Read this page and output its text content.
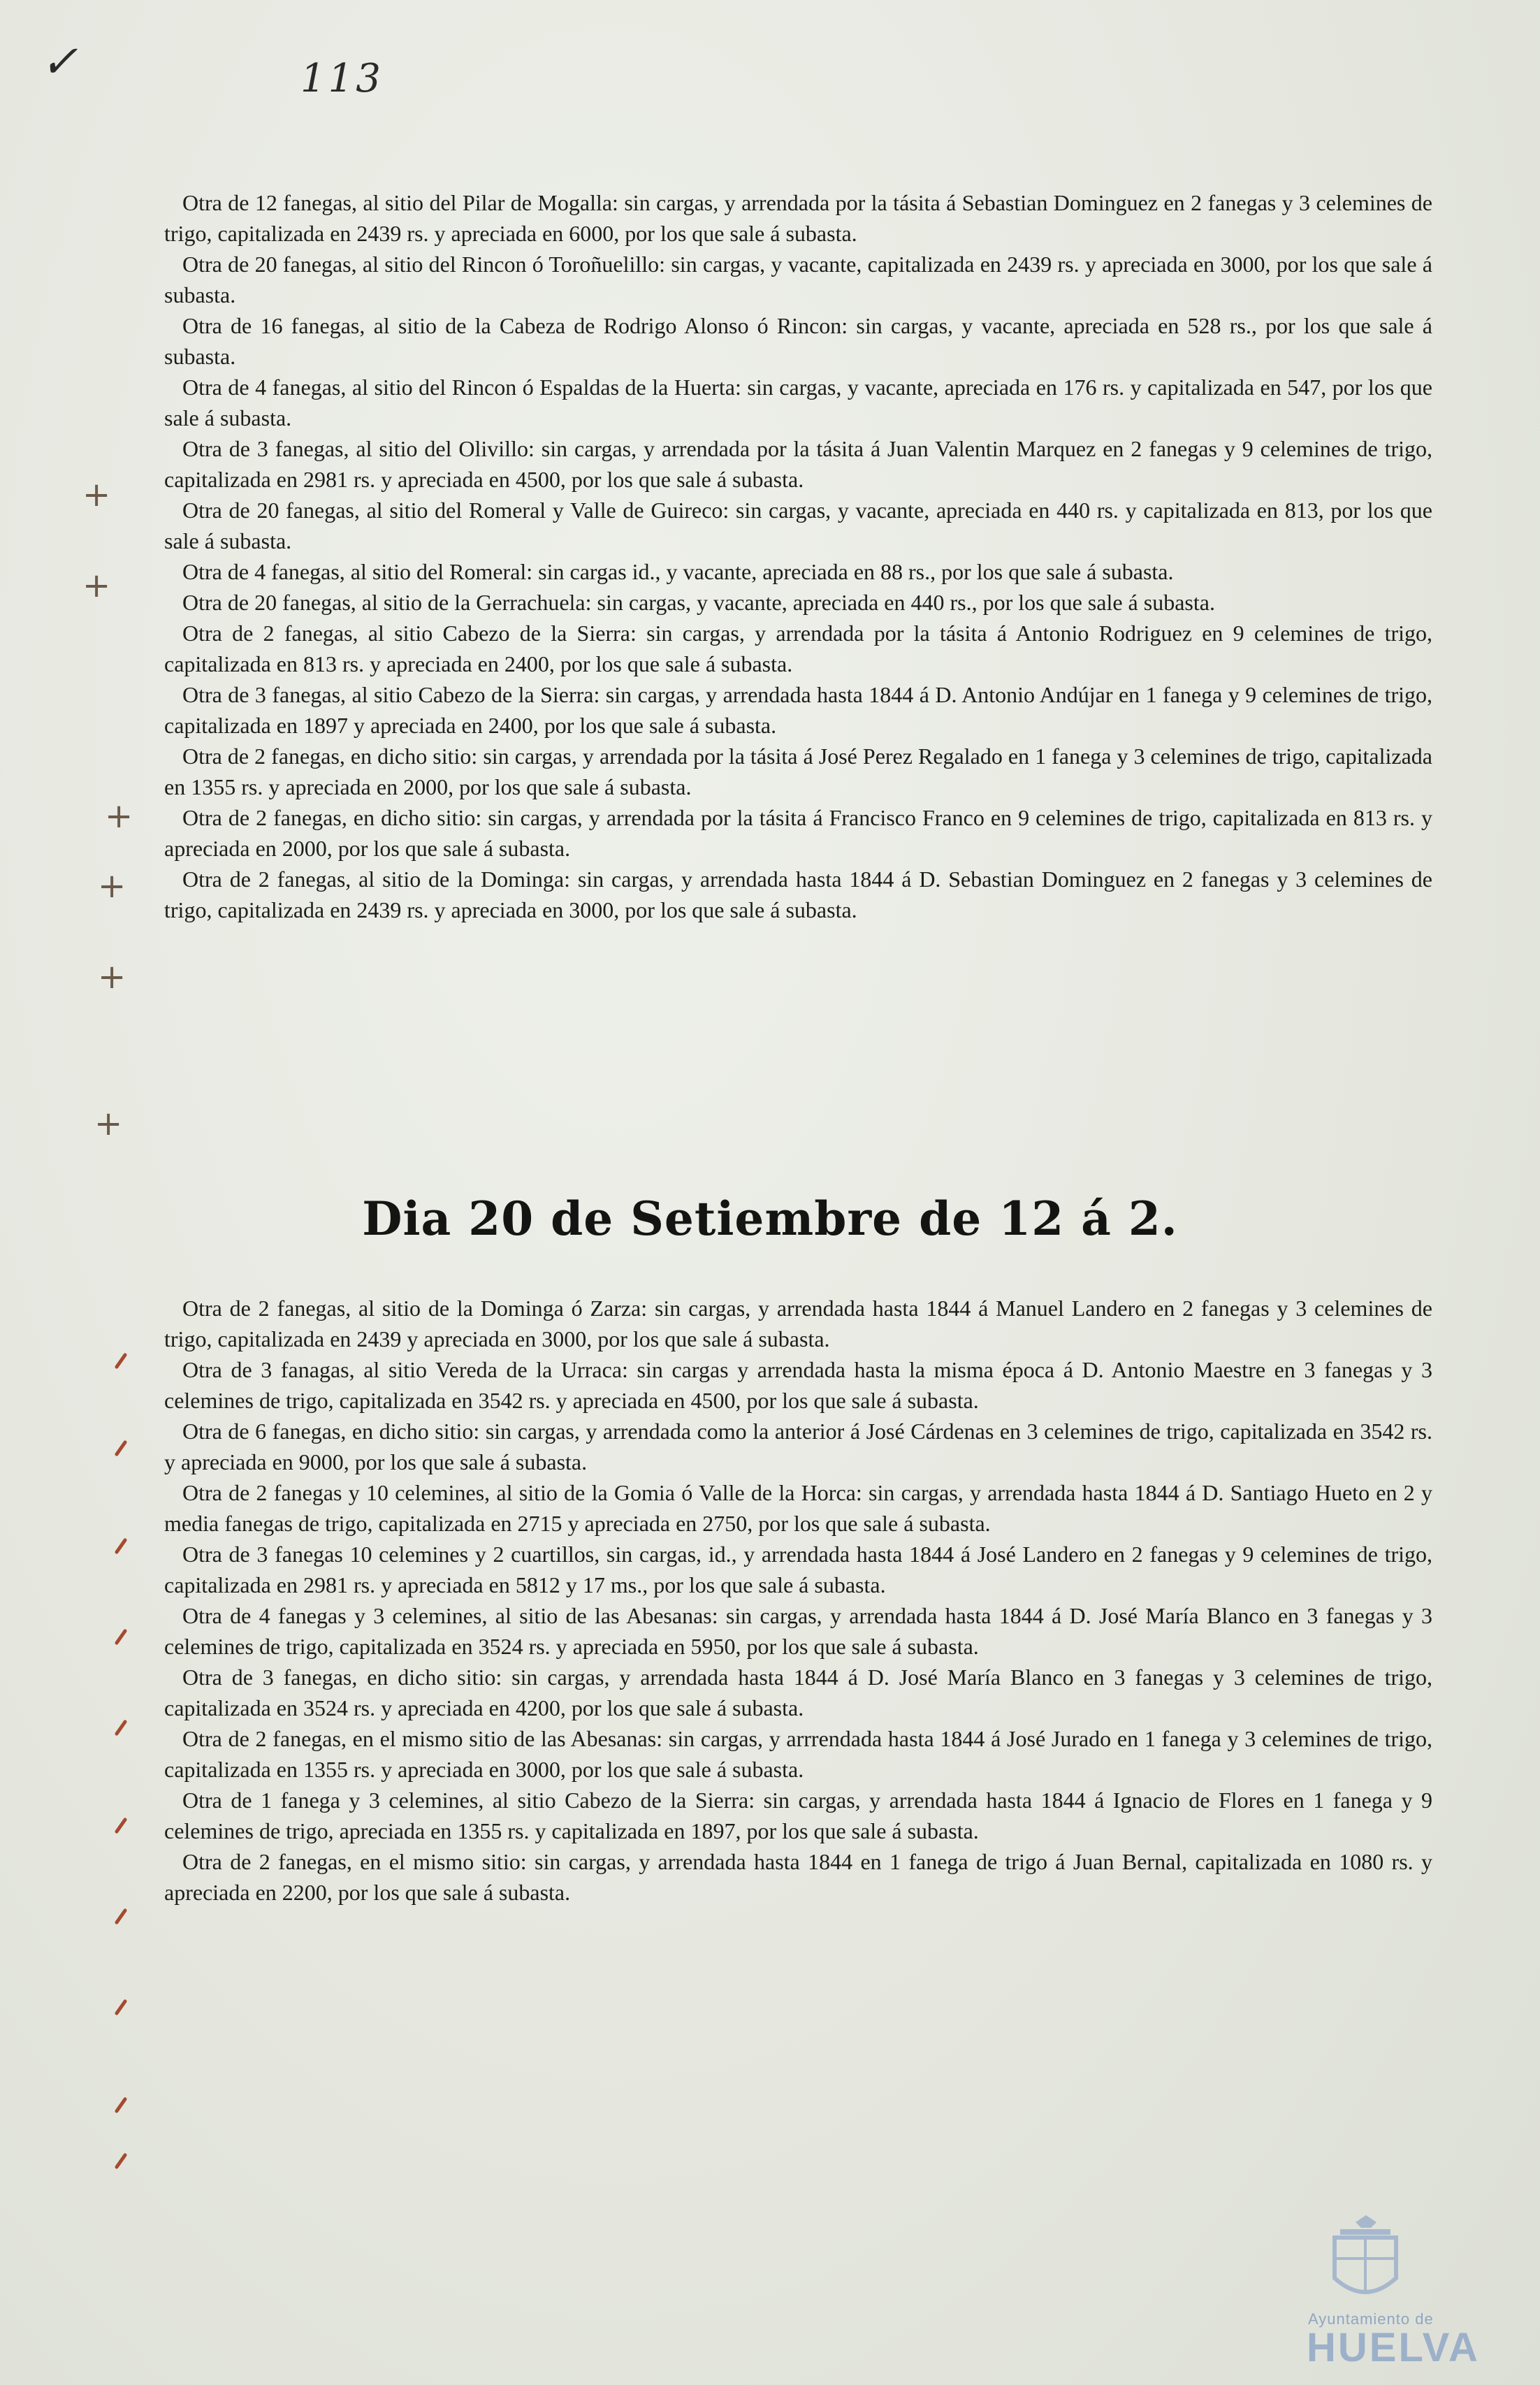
✓	113

Otra de 12 fanegas, al sitio del Pilar de Mogalla: sin cargas, y arrendada por la tásita á Sebastian Dominguez en 2 fanegas y 3 celemines de trigo, capitalizada en 2439 rs. y apreciada en 6000, por los que sale á subasta.

Otra de 20 fanegas, al sitio del Rincon ó Toroñuelillo: sin cargas, y vacante, capitalizada en 2439 rs. y apreciada en 3000, por los que sale á subasta.

Otra de 16 fanegas, al sitio de la Cabeza de Rodrigo Alonso ó Rincon: sin cargas, y vacante, apreciada en 528 rs., por los que sale á subasta.

Otra de 4 fanegas, al sitio del Rincon ó Espaldas de la Huerta: sin cargas, y vacante, apreciada en 176 rs. y capitalizada en 547, por los que sale á subasta.

Otra de 3 fanegas, al sitio del Olivillo: sin cargas, y arrendada por la tásita á Juan Valentin Marquez en 2 fanegas y 9 celemines de trigo, capitalizada en 2981 rs. y apreciada en 4500, por los que sale á subasta.

Otra de 20 fanegas, al sitio del Romeral y Valle de Guireco: sin cargas, y vacante, apreciada en 440 rs. y capitalizada en 813, por los que sale á subasta.

Otra de 4 fanegas, al sitio del Romeral: sin cargas id., y vacante, apreciada en 88 rs., por los que sale á subasta.

Otra de 20 fanegas, al sitio de la Gerrachuela: sin cargas, y vacante, apreciada en 440 rs., por los que sale á subasta.

Otra de 2 fanegas, al sitio Cabezo de la Sierra: sin cargas, y arrendada por la tásita á Antonio Rodriguez en 9 celemines de trigo, capitalizada en 813 rs. y apreciada en 2400, por los que sale á subasta.

Otra de 3 fanegas, al sitio Cabezo de la Sierra: sin cargas, y arrendada hasta 1844 á D. Antonio Andújar en 1 fanega y 9 celemines de trigo, capitalizada en 1897 y apreciada en 2400, por los que sale á subasta.

Otra de 2 fanegas, en dicho sitio: sin cargas, y arrendada por la tásita á José Perez Regalado en 1 fanega y 3 celemines de trigo, capitalizada en 1355 rs. y apreciada en 2000, por los que sale á subasta.

Otra de 2 fanegas, en dicho sitio: sin cargas, y arrendada por la tásita á Francisco Franco en 9 celemines de trigo, capitalizada en 813 rs. y apreciada en 2000, por los que sale á subasta.

Otra de 2 fanegas, al sitio de la Dominga: sin cargas, y arrendada hasta 1844 á D. Sebastian Dominguez en 2 fanegas y 3 celemines de trigo, capitalizada en 2439 rs. y apreciada en 3000, por los que sale á subasta.

Dia 20 de Setiembre de 12 á 2.

Otra de 2 fanegas, al sitio de la Dominga ó Zarza: sin cargas, y arrendada hasta 1844 á Manuel Landero en 2 fanegas y 3 celemines de trigo, capitalizada en 2439 y apreciada en 3000, por los que sale á subasta.

Otra de 3 fanagas, al sitio Vereda de la Urraca: sin cargas y arrendada hasta la misma época á D. Antonio Maestre en 3 fanegas y 3 celemines de trigo, capitalizada en 3542 rs. y apreciada en 4500, por los que sale á subasta.

Otra de 6 fanegas, en dicho sitio: sin cargas, y arrendada como la anterior á José Cárdenas en 3 celemines de trigo, capitalizada en 3542 rs. y apreciada en 9000, por los que sale á subasta.

Otra de 2 fanegas y 10 celemines, al sitio de la Gomia ó Valle de la Horca: sin cargas, y arrendada hasta 1844 á D. Santiago Hueto en 2 y media fanegas de trigo, capitalizada en 2715 y apreciada en 2750, por los que sale á subasta.

Otra de 3 fanegas 10 celemines y 2 cuartillos, sin cargas, id., y arrendada hasta 1844 á José Landero en 2 fanegas y 9 celemines de trigo, capitalizada en 2981 rs. y apreciada en 5812 y 17 ms., por los que sale á subasta.

Otra de 4 fanegas y 3 celemines, al sitio de las Abesanas: sin cargas, y arrendada hasta 1844 á D. José María Blanco en 3 fanegas y 3 celemines de trigo, capitalizada en 3524 rs. y apreciada en 5950, por los que sale á subasta.

Otra de 3 fanegas, en dicho sitio: sin cargas, y arrendada hasta 1844 á D. José María Blanco en 3 fanegas y 3 celemines de trigo, capitalizada en 3524 rs. y apreciada en 4200, por los que sale á subasta.

Otra de 2 fanegas, en el mismo sitio de las Abesanas: sin cargas, y arrrendada hasta 1844 á José Jurado en 1 fanega y 3 celemines de trigo, capitalizada en 1355 rs. y apreciada en 3000, por los que sale á subasta.

Otra de 1 fanega y 3 celemines, al sitio Cabezo de la Sierra: sin cargas, y arrendada hasta 1844 á Ignacio de Flores en 1 fanega y 9 celemines de trigo, apreciada en 1355 rs. y capitalizada en 1897, por los que sale á subasta.

Otra de 2 fanegas, en el mismo sitio: sin cargas, y arrendada hasta 1844 en 1 fanega de trigo á Juan Bernal, capitalizada en 1080 rs. y apreciada en 2200, por los que sale á subasta.

+
+
+
+
+
+
Ayuntamiento de
HUELVA
